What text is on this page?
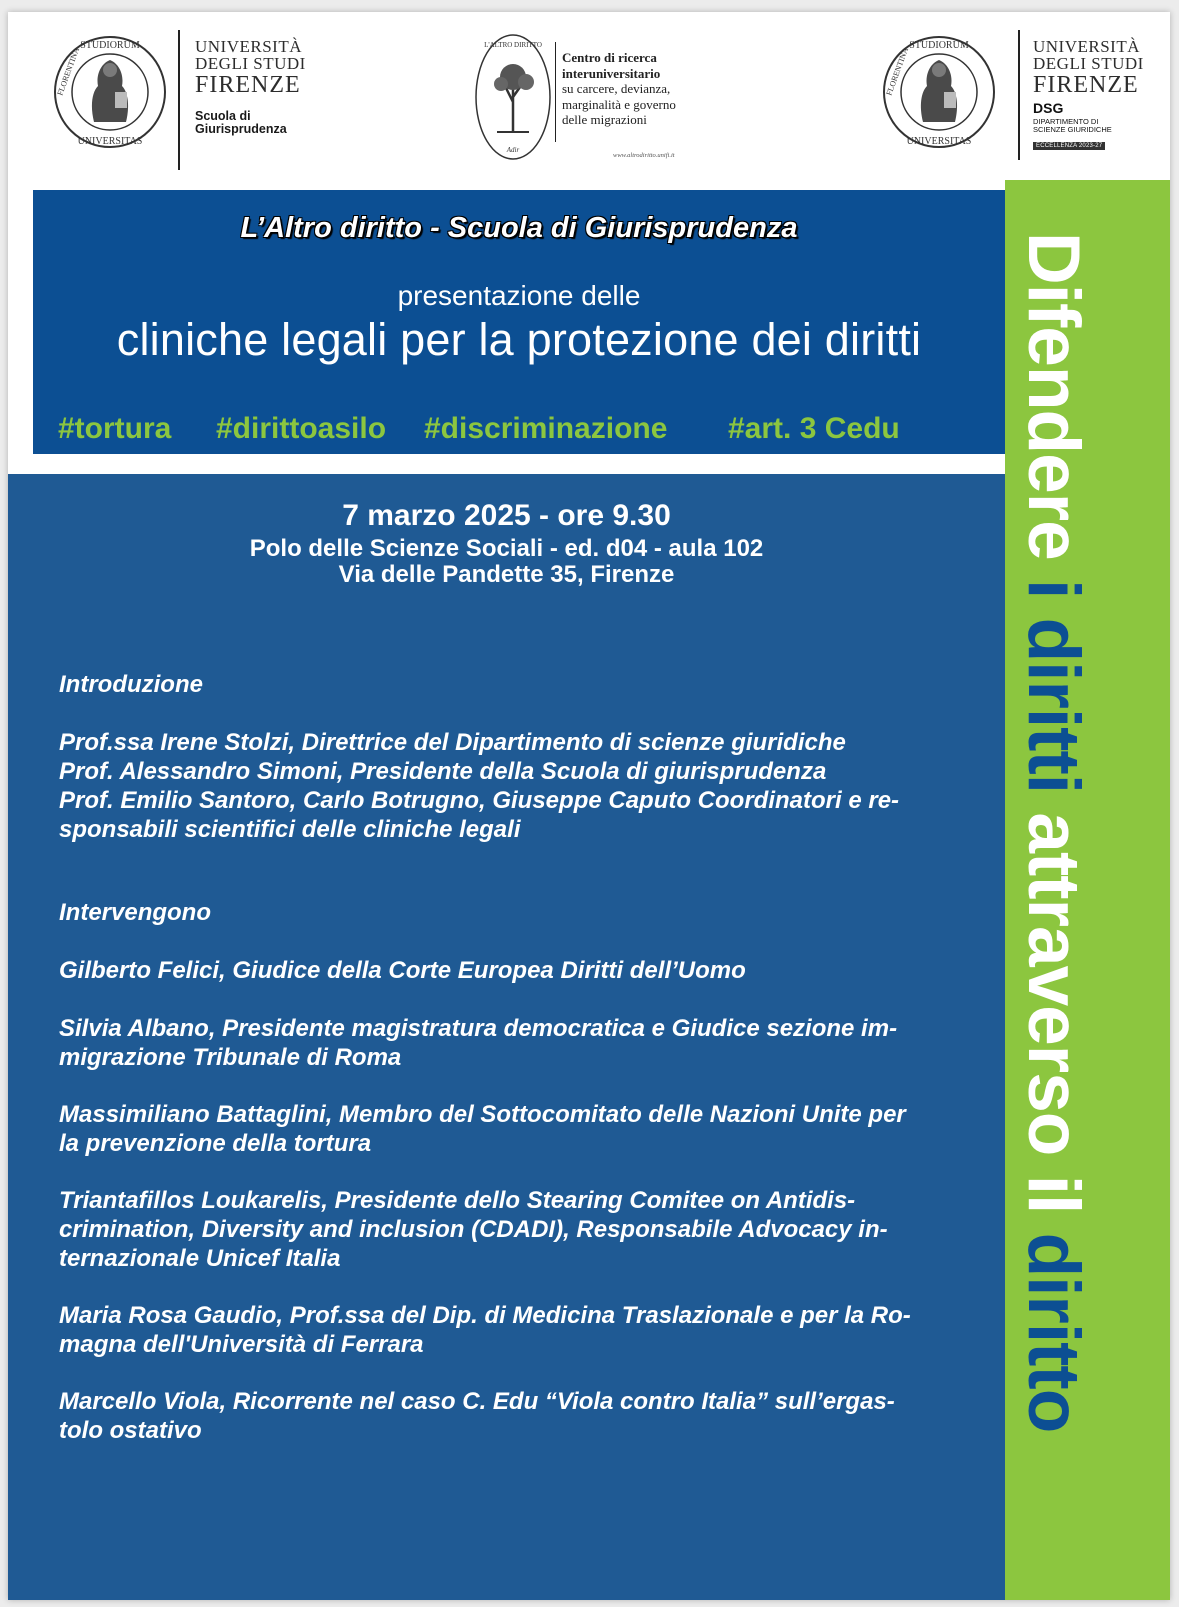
STUDIORUM
UNIVERSITAS
FLORENTINA	UNIVERSITÀ
DEGLI STUDI
FIRENZE
Scuola di
Giurisprudenza
L'ALTRO DIRITTO
Adir
Centro di ricerca
interuniversitario
su carcere, devianza,
marginalità e governo
delle migrazioni
www.altrodiritto.unifi.it
STUDIORUM
UNIVERSITAS
FLORENTINA	UNIVERSITÀ
DEGLI STUDI
FIRENZE
DSG
DIPARTIMENTO DI
SCIENZE GIURIDICHE
ECCELLENZA 2023-27
L’Altro diritto - Scuola di Giurisprudenza
presentazione delle
cliniche legali per la protezione dei diritti
#tortura #dirittoasilo #discriminazione #art. 3 Cedu
7 marzo 2025 - ore 9.30
Polo delle Scienze Sociali - ed. d04 - aula 102
Via delle Pandette 35, Firenze
Introduzione
Prof.ssa Irene Stolzi, Direttrice del Dipartimento di scienze giuridiche
Prof. Alessandro Simoni, Presidente della Scuola di giurisprudenza
Prof. Emilio Santoro, Carlo Botrugno, Giuseppe Caputo Coordinatori e re-
sponsabili scientifici delle cliniche legali
Intervengono
Gilberto Felici, Giudice della Corte Europea Diritti dell’Uomo
Silvia Albano, Presidente magistratura democratica e Giudice sezione im-
migrazione Tribunale di Roma
Massimiliano Battaglini, Membro del Sottocomitato delle Nazioni Unite per
la prevenzione della tortura
Triantafillos Loukarelis, Presidente dello Stearing Comitee on Antidis-
crimination, Diversity and inclusion (CDADI), Responsabile Advocacy in-
ternazionale Unicef Italia
Maria Rosa Gaudio, Prof.ssa del Dip. di Medicina Traslazionale e per la Ro-
magna dell'Università di Ferrara
Marcello Viola, Ricorrente nel caso C. Edu “Viola contro Italia” sull’ergas-
tolo ostativo
Difendere i diritti attraverso il diritto
